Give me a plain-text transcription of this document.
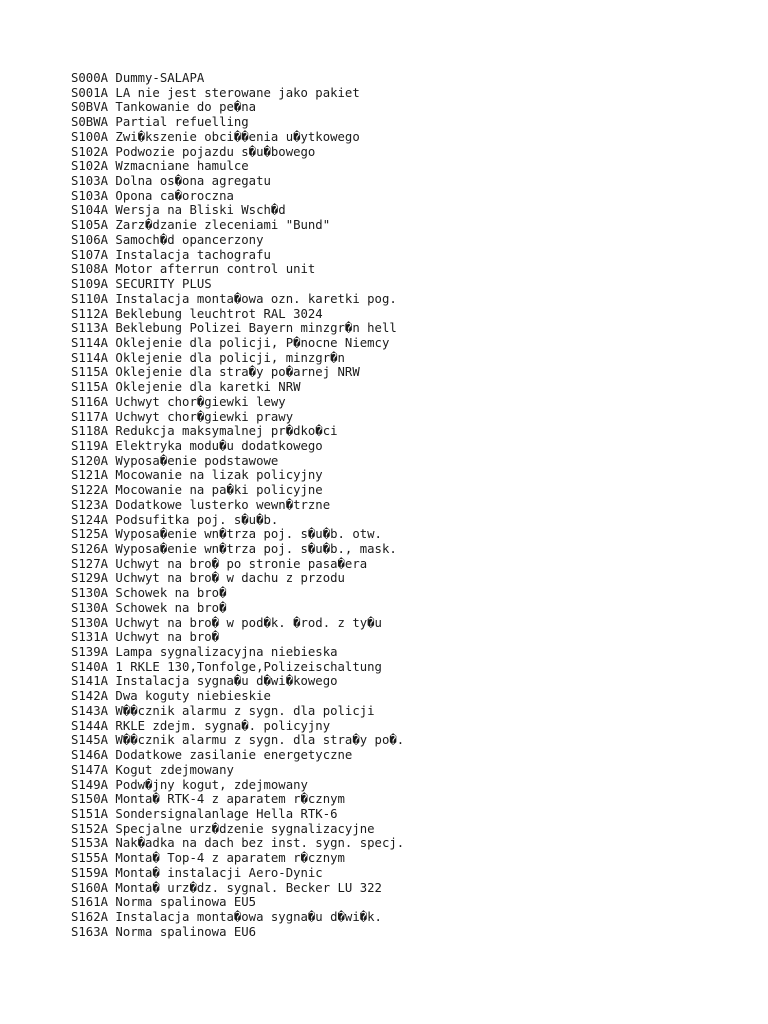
S000A Dummy-SALAPA
S001A LA nie jest sterowane jako pakiet
S0BVA Tankowanie do pe�na
S0BWA Partial refuelling
S100A Zwi�kszenie obci��enia u�ytkowego
S102A Podwozie pojazdu s�u�bowego
S102A Wzmacniane hamulce
S103A Dolna os�ona agregatu
S103A Opona ca�oroczna
S104A Wersja na Bliski Wsch�d
S105A Zarz�dzanie zleceniami "Bund"
S106A Samoch�d opancerzony
S107A Instalacja tachografu
S108A Motor afterrun control unit
S109A SECURITY PLUS
S110A Instalacja monta�owa ozn. karetki pog.
S112A Beklebung leuchtrot RAL 3024
S113A Beklebung Polizei Bayern minzgr�n hell
S114A Oklejenie dla policji, P�nocne Niemcy
S114A Oklejenie dla policji, minzgr�n
S115A Oklejenie dla stra�y po�arnej NRW
S115A Oklejenie dla karetki NRW
S116A Uchwyt chor�giewki lewy
S117A Uchwyt chor�giewki prawy
S118A Redukcja maksymalnej pr�dko�ci
S119A Elektryka modu�u dodatkowego
S120A Wyposa�enie podstawowe
S121A Mocowanie na lizak policyjny
S122A Mocowanie na pa�ki policyjne
S123A Dodatkowe lusterko wewn�trzne
S124A Podsufitka poj. s�u�b.
S125A Wyposa�enie wn�trza poj. s�u�b. otw.
S126A Wyposa�enie wn�trza poj. s�u�b., mask.
S127A Uchwyt na bro� po stronie pasa�era
S129A Uchwyt na bro� w dachu z przodu
S130A Schowek na bro�
S130A Schowek na bro�
S130A Uchwyt na bro� w pod�k. �rod. z ty�u
S131A Uchwyt na bro�
S139A Lampa sygnalizacyjna niebieska
S140A 1 RKLE 130,Tonfolge,Polizeischaltung
S141A Instalacja sygna�u d�wi�kowego
S142A Dwa koguty niebieskie
S143A W��cznik alarmu z sygn. dla policji
S144A RKLE zdejm. sygna�. policyjny
S145A W��cznik alarmu z sygn. dla stra�y po�.
S146A Dodatkowe zasilanie energetyczne
S147A Kogut zdejmowany
S149A Podw�jny kogut, zdejmowany
S150A Monta� RTK-4 z aparatem r�cznym
S151A Sondersignalanlage Hella RTK-6
S152A Specjalne urz�dzenie sygnalizacyjne
S153A Nak�adka na dach bez inst. sygn. specj.
S155A Monta� Top-4 z aparatem r�cznym
S159A Monta� instalacji Aero-Dynic
S160A Monta� urz�dz. sygnal. Becker LU 322
S161A Norma spalinowa EU5
S162A Instalacja monta�owa sygna�u d�wi�k.
S163A Norma spalinowa EU6
